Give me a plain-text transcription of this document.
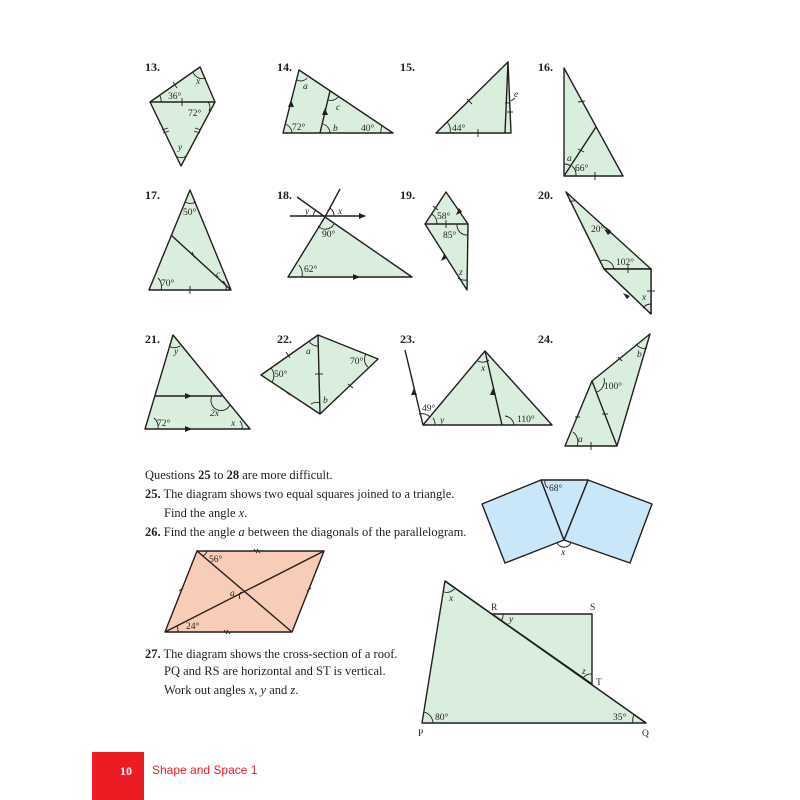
13.
36°
72°
x
y
14.
72°	40°
a
b
c
15.
44°
e
16.
a
66°
17.
50°
70°
c
18.
y	x
90°
62°
19.
58°
85°
z
20.
20°
102°
x
21.
y
2x
72°	x
22.
a
50°
70°
b
23.
49°
y
x
110°
24.
b
100°
a
Questions 25 to 28 are more difficult.
25. The diagram shows two equal squares joined to a triangle.
Find the angle x.
26. Find the angle a between the diagonals of the parallelogram.
68°
x
56°
a
24°
27. The diagram shows the cross-section of a roof.
PQ and RS are horizontal and ST is vertical.
Work out angles x, y and z.
x
y
z
80°	35°
P	Q
R	S
T
10 Shape and Space 1
